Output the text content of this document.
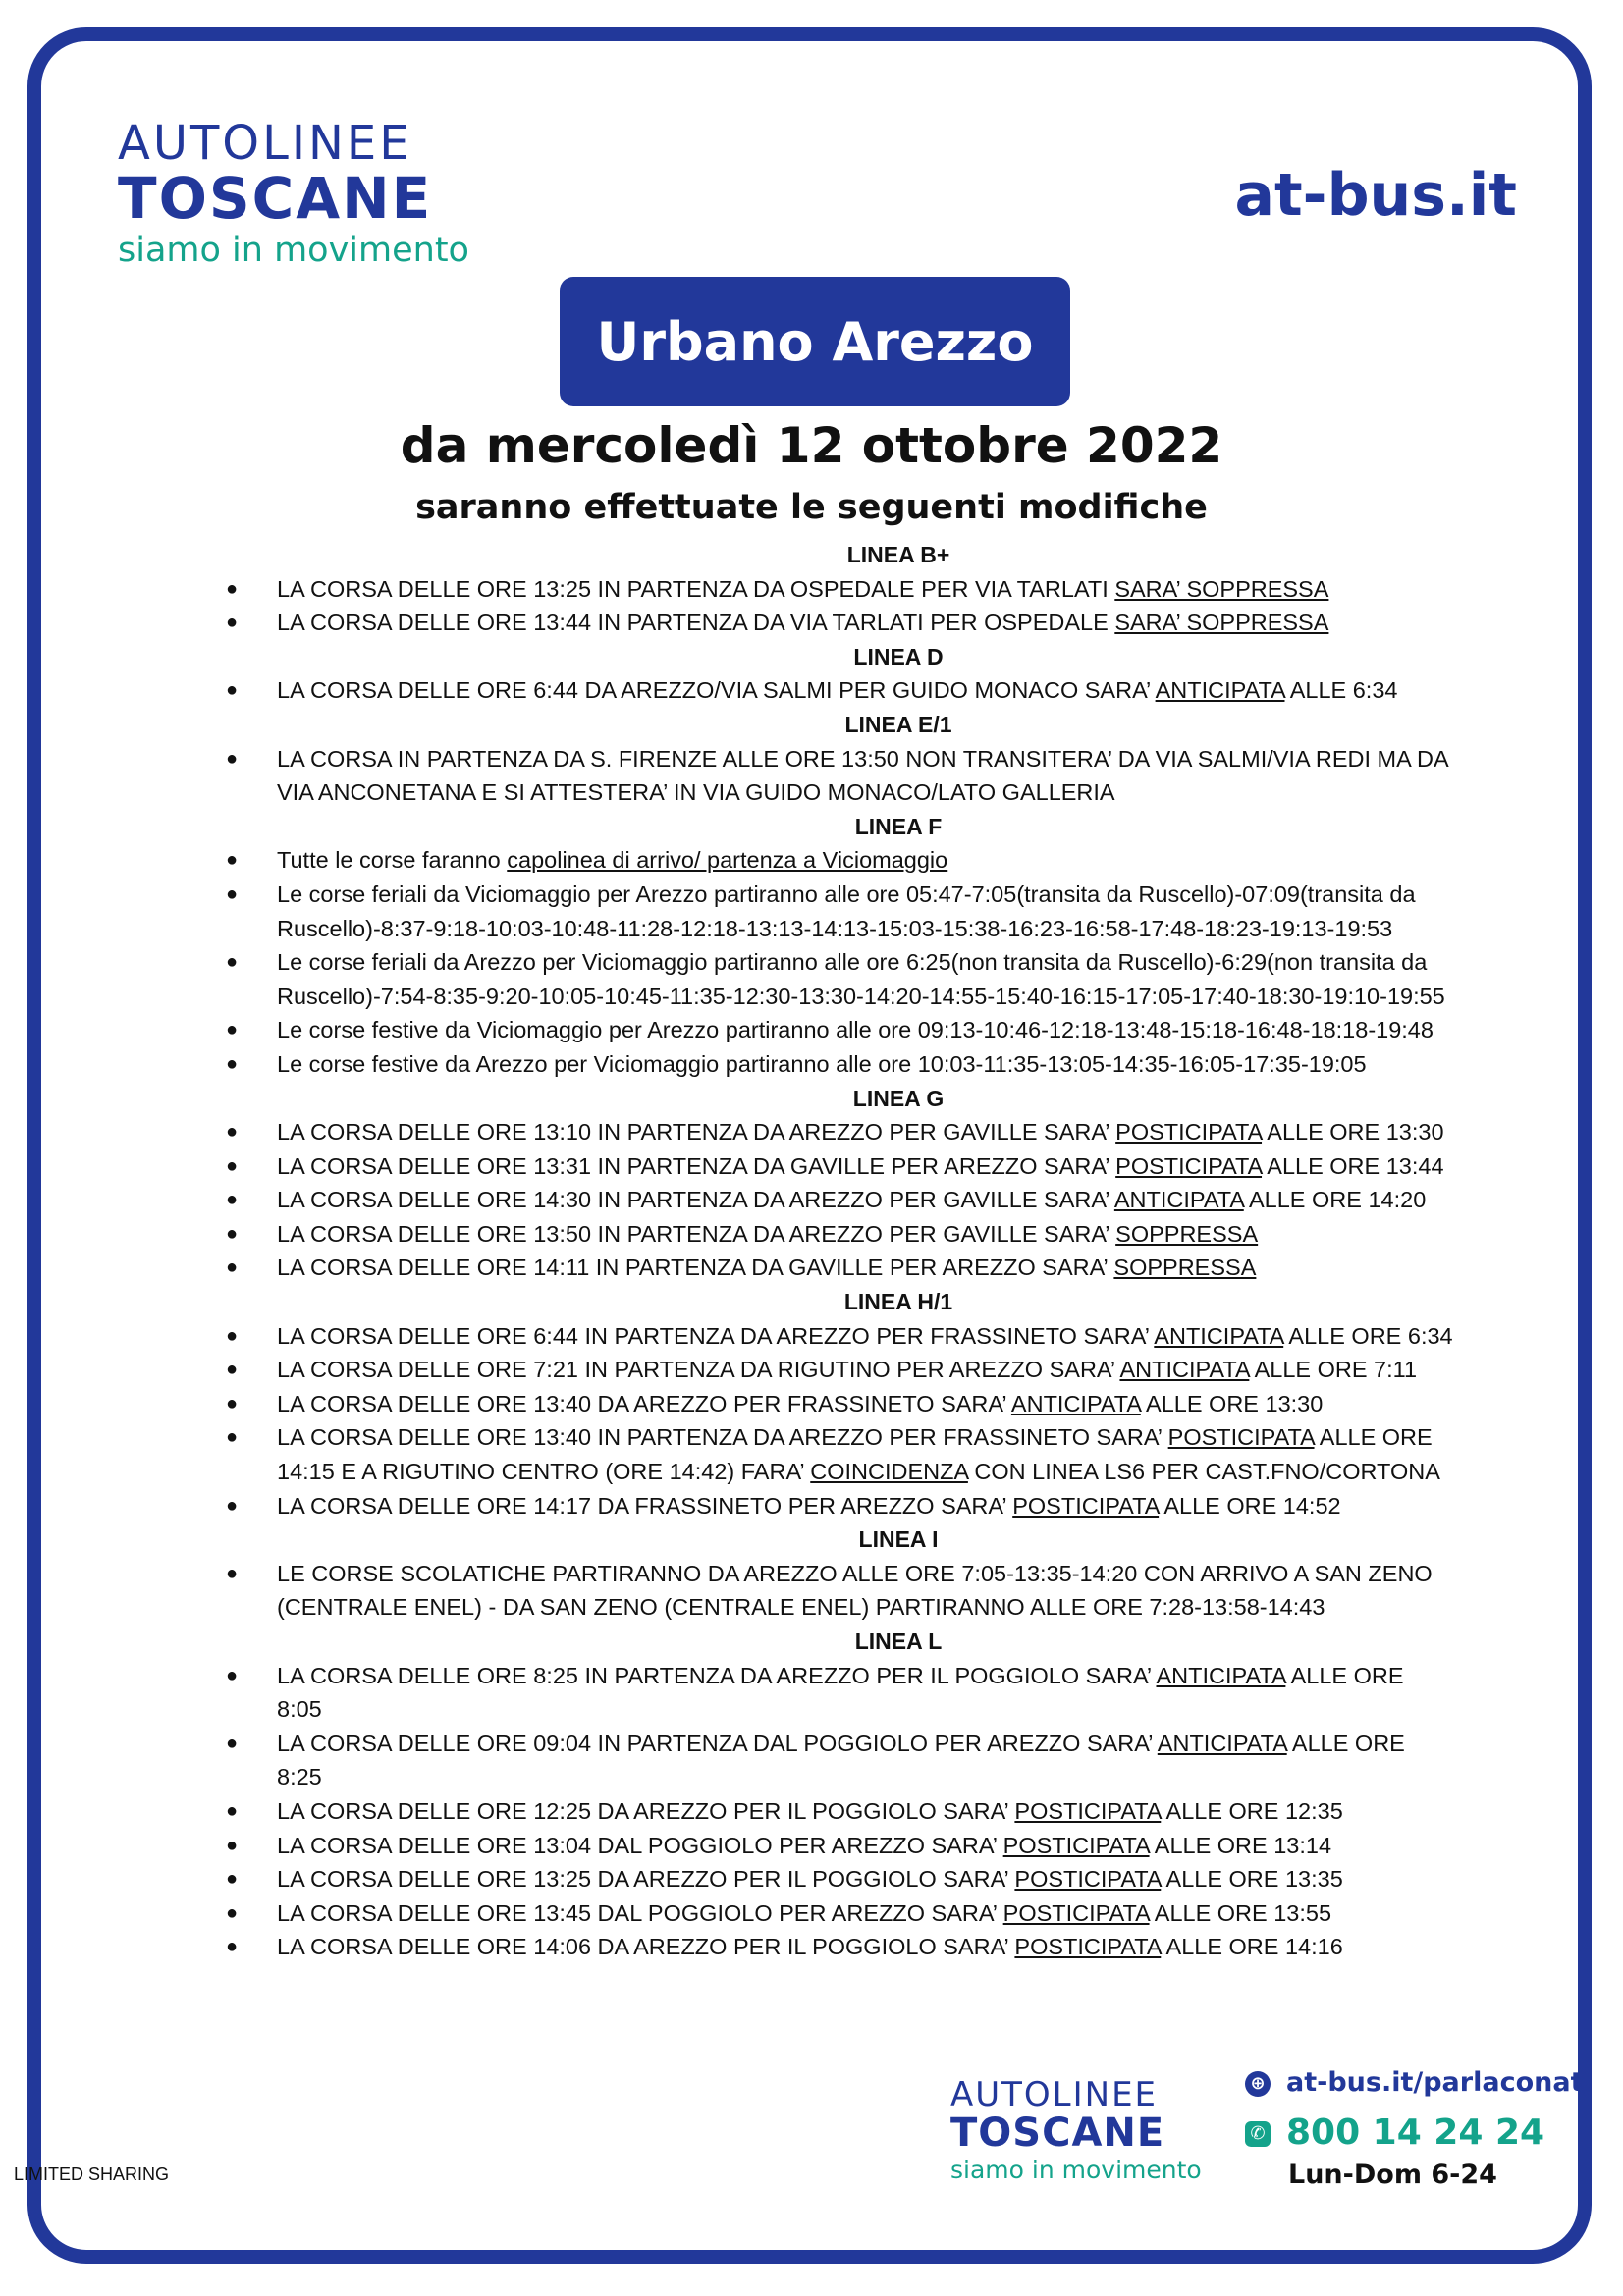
AUTOLINEE
TOSCANE
siamo in movimento
at-bus.it
Urbano Arezzo
da mercoledì 12 ottobre 2022
saranno effettuate le seguenti modifiche
LINEA B+
● LA CORSA DELLE ORE 13:25 IN PARTENZA DA OSPEDALE PER VIA TARLATI SARA’ SOPPRESSA
● LA CORSA DELLE ORE 13:44 IN PARTENZA DA VIA TARLATI PER OSPEDALE SARA’ SOPPRESSA
LINEA D
● LA CORSA DELLE ORE 6:44 DA AREZZO/VIA SALMI PER GUIDO MONACO SARA’ ANTICIPATA ALLE 6:34
LINEA E/1
● LA CORSA IN PARTENZA DA S. FIRENZE ALLE ORE 13:50 NON TRANSITERA’ DA VIA SALMI/VIA REDI MA DA VIA ANCONETANA E SI ATTESTERA’ IN VIA GUIDO MONACO/LATO GALLERIA
LINEA F
● Tutte le corse faranno capolinea di arrivo/ partenza a Viciomaggio
● Le corse feriali da Viciomaggio per Arezzo partiranno alle ore 05:47-7:05(transita da Ruscello)-07:09(transita da Ruscello)-8:37-9:18-10:03-10:48-11:28-12:18-13:13-14:13-15:03-15:38-16:23-16:58-17:48-18:23-19:13-19:53
● Le corse feriali da Arezzo per Viciomaggio partiranno alle ore 6:25(non transita da Ruscello)-6:29(non transita da Ruscello)-7:54-8:35-9:20-10:05-10:45-11:35-12:30-13:30-14:20-14:55-15:40-16:15-17:05-17:40-18:30-19:10-19:55
● Le corse festive da Viciomaggio per Arezzo partiranno alle ore 09:13-10:46-12:18-13:48-15:18-16:48-18:18-19:48
● Le corse festive da Arezzo per Viciomaggio partiranno alle ore 10:03-11:35-13:05-14:35-16:05-17:35-19:05
LINEA G
● LA CORSA DELLE ORE 13:10 IN PARTENZA DA AREZZO PER GAVILLE SARA’ POSTICIPATA ALLE ORE 13:30
● LA CORSA DELLE ORE 13:31 IN PARTENZA DA GAVILLE PER AREZZO SARA’ POSTICIPATA ALLE ORE 13:44
● LA CORSA DELLE ORE 14:30 IN PARTENZA DA AREZZO PER GAVILLE SARA’ ANTICIPATA ALLE ORE 14:20
● LA CORSA DELLE ORE 13:50 IN PARTENZA DA AREZZO PER GAVILLE SARA’ SOPPRESSA
● LA CORSA DELLE ORE 14:11 IN PARTENZA DA GAVILLE PER AREZZO SARA’ SOPPRESSA
LINEA H/1
● LA CORSA DELLE ORE 6:44 IN PARTENZA DA AREZZO PER FRASSINETO SARA’ ANTICIPATA ALLE ORE 6:34
● LA CORSA DELLE ORE 7:21 IN PARTENZA DA RIGUTINO PER AREZZO SARA’ ANTICIPATA ALLE ORE 7:11
● LA CORSA DELLE ORE 13:40 DA AREZZO PER FRASSINETO SARA’ ANTICIPATA ALLE ORE 13:30
● LA CORSA DELLE ORE 13:40 IN PARTENZA DA AREZZO PER FRASSINETO SARA’ POSTICIPATA ALLE ORE 14:15 E A RIGUTINO CENTRO (ORE 14:42) FARA’ COINCIDENZA CON LINEA LS6 PER CAST.FNO/CORTONA
● LA CORSA DELLE ORE 14:17 DA FRASSINETO PER AREZZO SARA’ POSTICIPATA ALLE ORE 14:52
LINEA I
● LE CORSE SCOLATICHE PARTIRANNO DA AREZZO ALLE ORE 7:05-13:35-14:20 CON ARRIVO A SAN ZENO (CENTRALE ENEL) - DA SAN ZENO (CENTRALE ENEL) PARTIRANNO ALLE ORE 7:28-13:58-14:43
LINEA L
● LA CORSA DELLE ORE 8:25 IN PARTENZA DA AREZZO PER IL POGGIOLO SARA’ ANTICIPATA ALLE ORE 8:05
● LA CORSA DELLE ORE 09:04 IN PARTENZA DAL POGGIOLO PER AREZZO SARA’ ANTICIPATA ALLE ORE 8:25
● LA CORSA DELLE ORE 12:25 DA AREZZO PER IL POGGIOLO SARA’ POSTICIPATA ALLE ORE 12:35
● LA CORSA DELLE ORE 13:04 DAL POGGIOLO PER AREZZO SARA’ POSTICIPATA ALLE ORE 13:14
● LA CORSA DELLE ORE 13:25 DA AREZZO PER IL POGGIOLO SARA’ POSTICIPATA ALLE ORE 13:35
● LA CORSA DELLE ORE 13:45 DAL POGGIOLO PER AREZZO SARA’ POSTICIPATA ALLE ORE 13:55
● LA CORSA DELLE ORE 14:06 DA AREZZO PER IL POGGIOLO SARA’ POSTICIPATA ALLE ORE 14:16
AUTOLINEE
TOSCANE
siamo in movimento
⊕ at-bus.it/parlaconat
✆ 800 14 24 24
Lun-Dom 6-24
LIMITED SHARING
